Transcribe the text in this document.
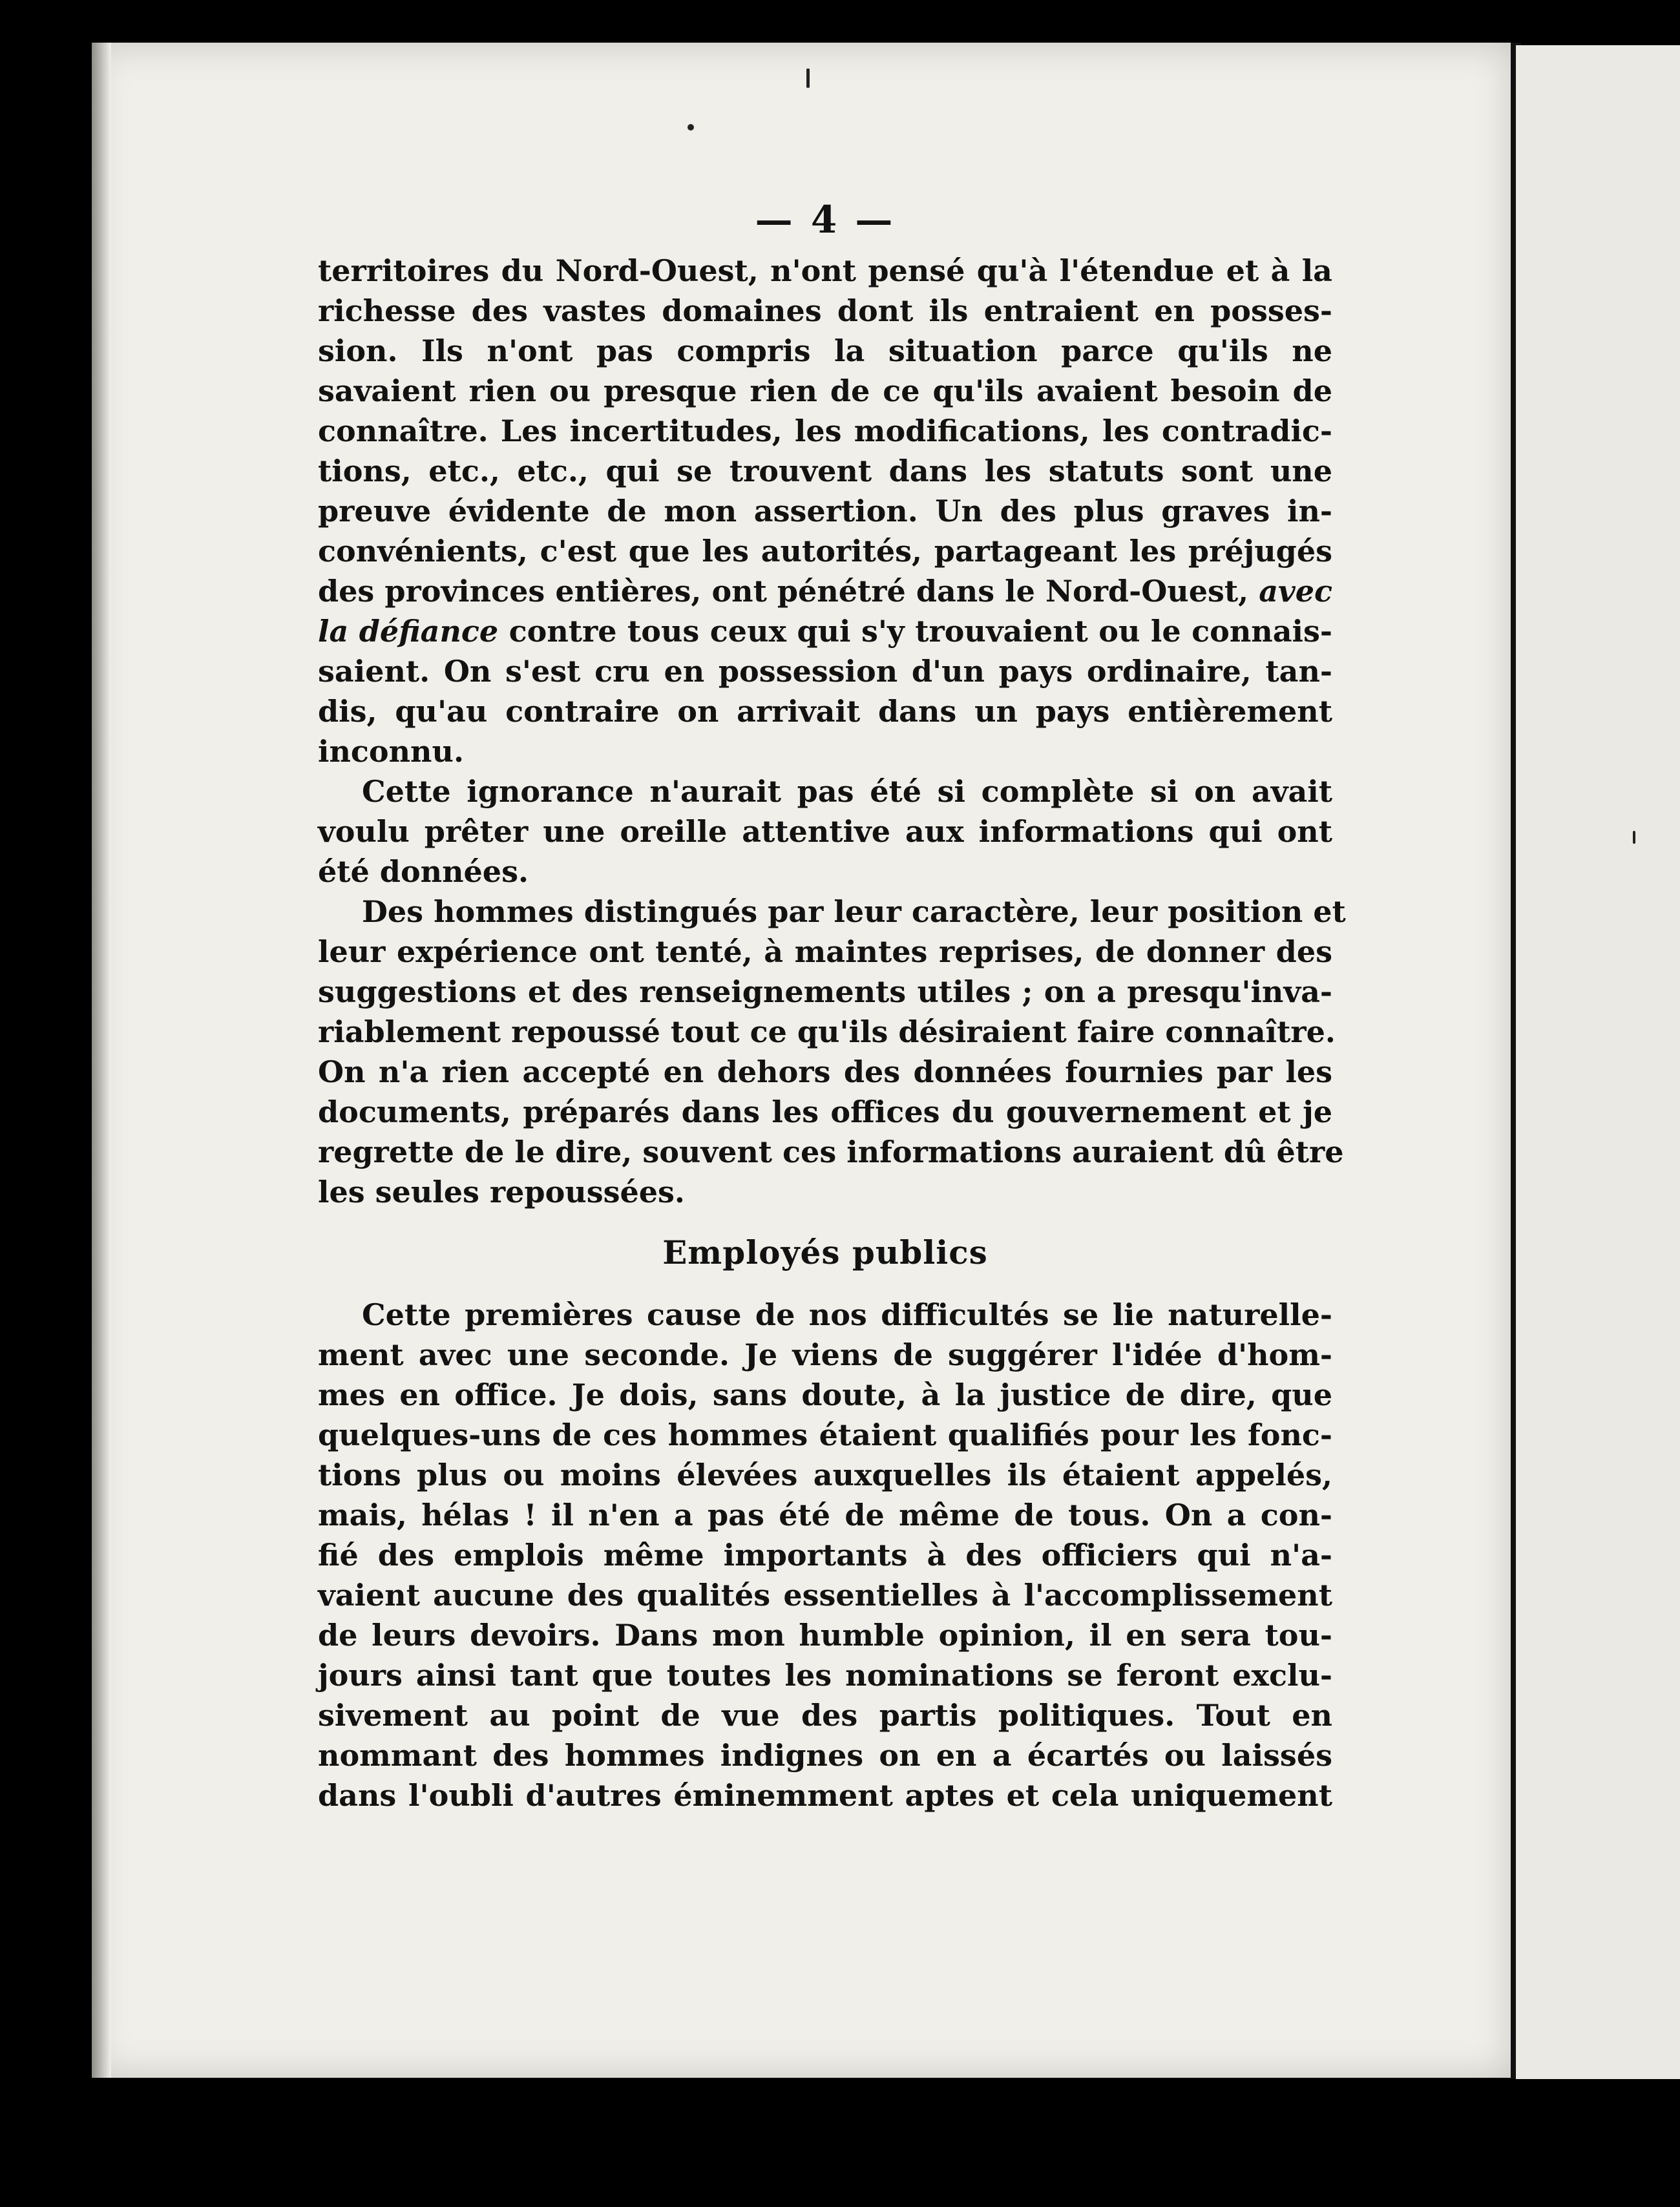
— 4 —
territoires du Nord-Ouest, n'ont pensé qu'à l'étendue et à la
richesse des vastes domaines dont ils entraient en posses-
sion. Ils n'ont pas compris la situation parce qu'ils ne
savaient rien ou presque rien de ce qu'ils avaient besoin de
connaître. Les incertitudes, les modifications, les contradic-
tions, etc., etc., qui se trouvent dans les statuts sont une
preuve évidente de mon assertion. Un des plus graves in-
convénients, c'est que les autorités, partageant les préjugés
des provinces entières, ont pénétré dans le Nord-Ouest, avec
la défiance contre tous ceux qui s'y trouvaient ou le connais-
saient. On s'est cru en possession d'un pays ordinaire, tan-
dis, qu'au contraire on arrivait dans un pays entièrement
inconnu.
Cette ignorance n'aurait pas été si complète si on avait
voulu prêter une oreille attentive aux informations qui ont
été données.
Des hommes distingués par leur caractère, leur position et
leur expérience ont tenté, à maintes reprises, de donner des
suggestions et des renseignements utiles ; on a presqu'inva-
riablement repoussé tout ce qu'ils désiraient faire connaître.
On n'a rien accepté en dehors des données fournies par les
documents, préparés dans les offices du gouvernement et je
regrette de le dire, souvent ces informations auraient dû être
les seules repoussées.
Employés publics
Cette premières cause de nos difficultés se lie naturelle-
ment avec une seconde. Je viens de suggérer l'idée d'hom-
mes en office. Je dois, sans doute, à la justice de dire, que
quelques-uns de ces hommes étaient qualifiés pour les fonc-
tions plus ou moins élevées auxquelles ils étaient appelés,
mais, hélas ! il n'en a pas été de même de tous. On a con-
fié des emplois même importants à des officiers qui n'a-
vaient aucune des qualités essentielles à l'accomplissement
de leurs devoirs. Dans mon humble opinion, il en sera tou-
jours ainsi tant que toutes les nominations se feront exclu-
sivement au point de vue des partis politiques. Tout en
nommant des hommes indignes on en a écartés ou laissés
dans l'oubli d'autres éminemment aptes et cela uniquement
